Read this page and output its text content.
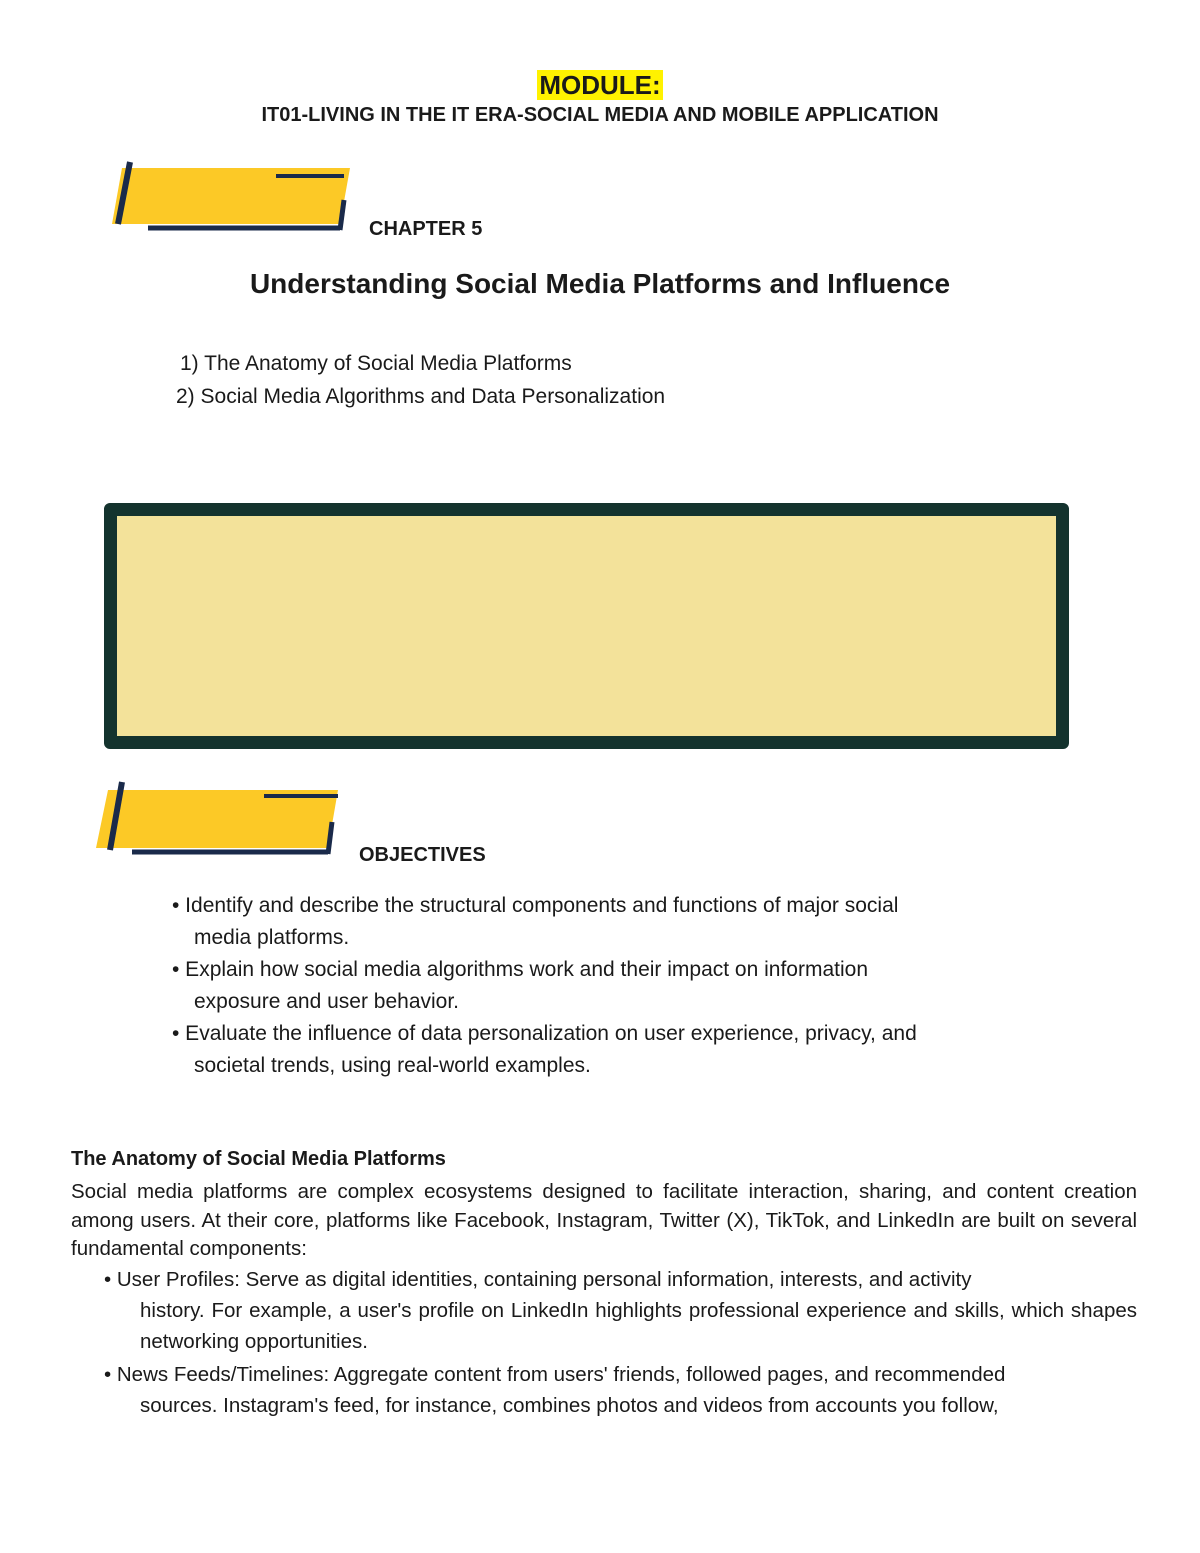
MODULE:
IT01-LIVING IN THE IT ERA-SOCIAL MEDIA AND MOBILE APPLICATION
CHAPTER 5
Understanding Social Media Platforms and Influence
1) The Anatomy of Social Media Platforms
2) Social Media Algorithms and Data Personalization
OBJECTIVES
• Identify and describe the structural components and functions of major social
media platforms.
• Explain how social media algorithms work and their impact on information
exposure and user behavior.
• Evaluate the influence of data personalization on user experience, privacy, and
societal trends, using real-world examples.
The Anatomy of Social Media Platforms
Social media platforms are complex ecosystems designed to facilitate interaction, sharing, and content creation among users. At their core, platforms like Facebook, Instagram, Twitter (X), TikTok, and LinkedIn are built on several fundamental components:
• User Profiles: Serve as digital identities, containing personal information, interests, and activity
history. For example, a user's profile on LinkedIn highlights professional experience and skills, which shapes networking opportunities.
• News Feeds/Timelines: Aggregate content from users' friends, followed pages, and recommended
sources. Instagram's feed, for instance, combines photos and videos from accounts you follow,
